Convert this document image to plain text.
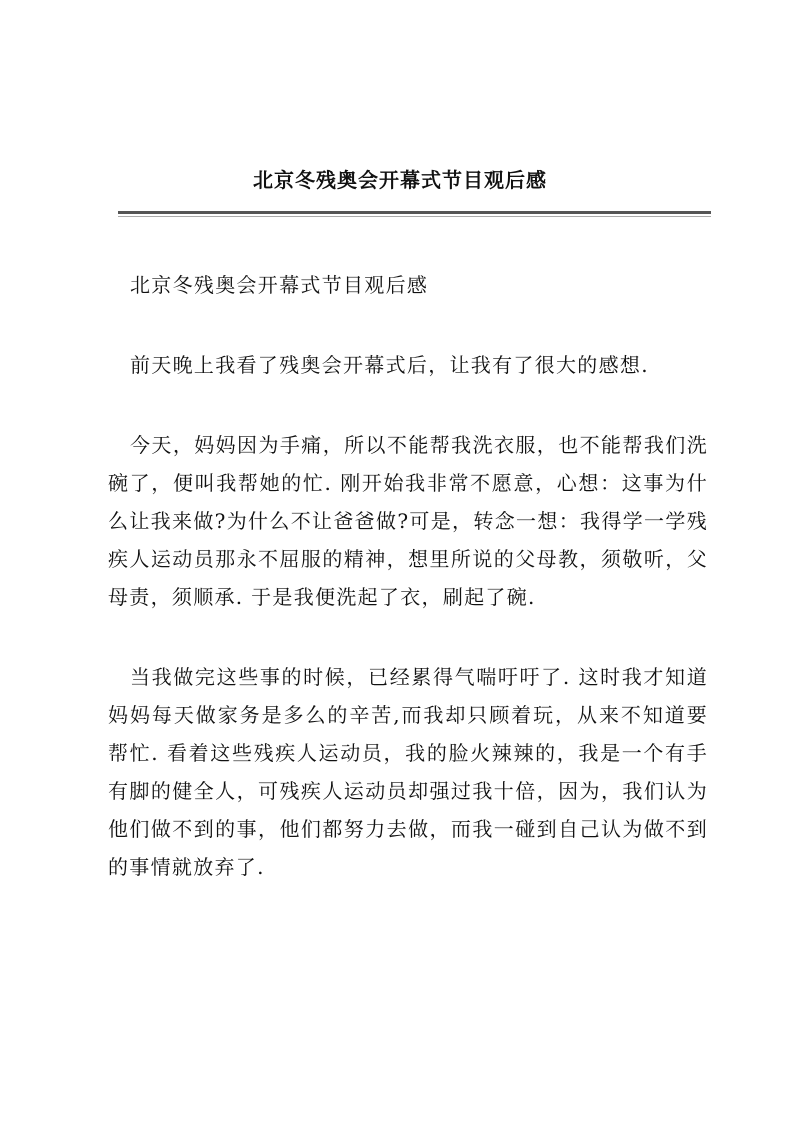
北京冬残奥会开幕式节目观后感

北京冬残奥会开幕式节目观后感

前天晚上我看了残奥会开幕式后，让我有了很大的感想.

今天，妈妈因为手痛，所以不能帮我洗衣服，也不能帮我们洗碗了，便叫我帮她的忙. 刚开始我非常不愿意，心想：这事为什么让我来做?为什么不让爸爸做?可是，转念一想：我得学一学残疾人运动员那永不屈服的精神，想里所说的父母教，须敬听，父母责，须顺承. 于是我便洗起了衣，刷起了碗.

当我做完这些事的时候，已经累得气喘吁吁了. 这时我才知道妈妈每天做家务是多么的辛苦,而我却只顾着玩，从来不知道要帮忙. 看着这些残疾人运动员，我的脸火辣辣的，我是一个有手有脚的健全人，可残疾人运动员却强过我十倍，因为，我们认为他们做不到的事，他们都努力去做，而我一碰到自己认为做不到的事情就放弃了.
